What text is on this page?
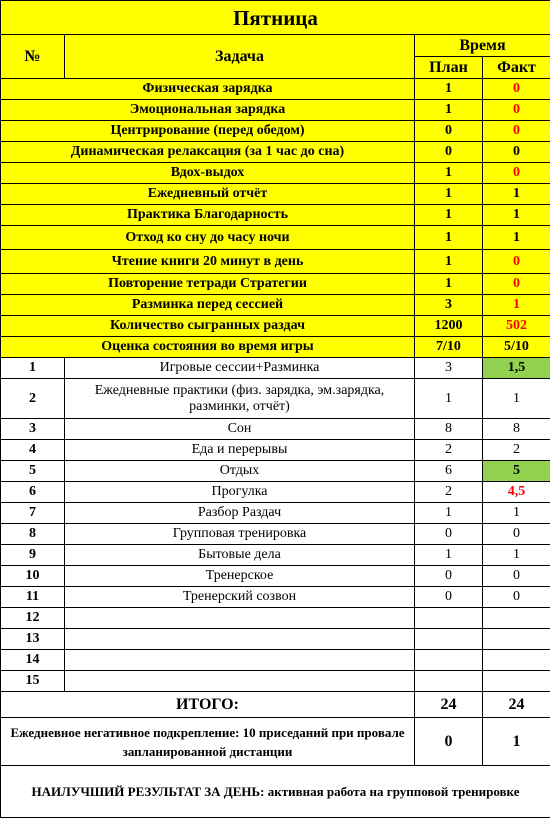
Пятница			
№	Задача	Время	
		План	Факт
Физическая зарядка		1	0
Эмоциональная зарядка		1	0
Центрирование (перед обедом)		0	0
Динамическая релаксация (за 1 час до сна)		0	0
Вдох-выдох		1	0
Ежедневный отчёт		1	1
Практика Благодарность		1	1
Отход ко сну до часу ночи		1	1
Чтение книги 20 минут в день		1	0
Повторение тетради Стратегии		1	0
Разминка перед сессией		3	1
Количество сыгранных раздач		1200	502
Оценка состояния во время игры		7/10	5/10
1	Игровые сессии+Разминка	3	1,5
2	Ежедневные практики (физ. зарядка, эм.зарядка, разминки, отчёт)	1	1
3	Сон	8	8
4	Еда и перерывы	2	2
5	Отдых	6	5
6	Прогулка	2	4,5
7	Разбор Раздач	1	1
8	Групповая тренировка	0	0
9	Бытовые дела	1	1
10	Тренерское	0	0
11	Тренерский созвон	0	0
12			
13			
14			
15			
ИТОГО:		24	24
Ежедневное негативное подкрепление: 10 приседаний при провале запланированной дистанции		0	1
НАИЛУЧШИЙ РЕЗУЛЬТАТ ЗА ДЕНЬ: активная работа на групповой тренировке			
